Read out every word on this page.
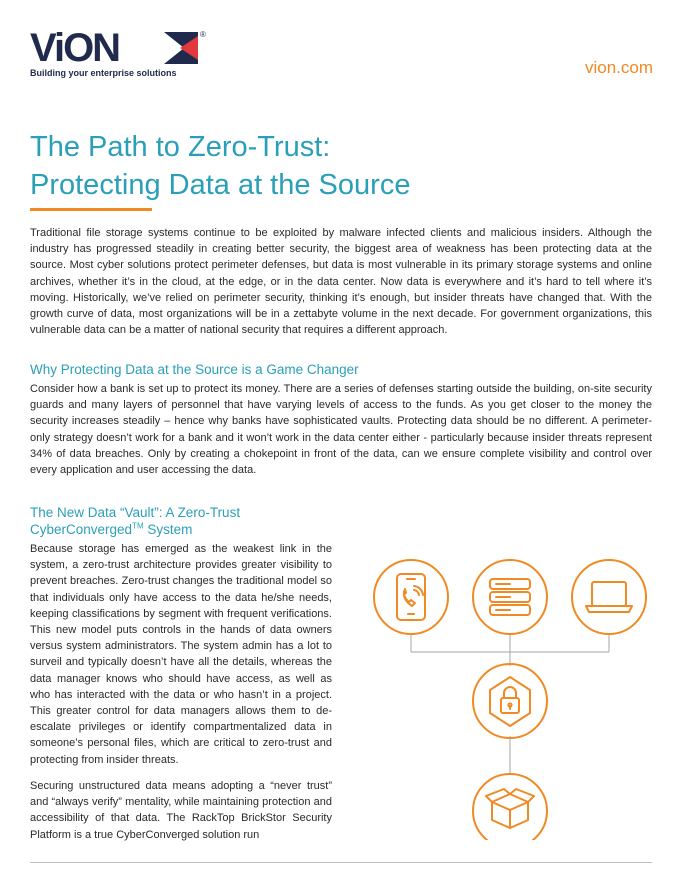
ViON	®
Building your enterprise solutions	vion.com
The Path to Zero-Trust:
Protecting Data at the Source

Traditional file storage systems continue to be exploited by malware infected clients and malicious insiders. Although the industry has progressed steadily in creating better security, the biggest area of weakness has been protecting data at the source. Most cyber solutions protect perimeter defenses, but data is most vulnerable in its primary storage systems and online archives, whether it’s in the cloud, at the edge, or in the data center. Now data is everywhere and it’s hard to tell where it’s moving. Historically, we’ve relied on perimeter security, thinking it’s enough, but insider threats have changed that. With the growth curve of data, most organizations will be in a zettabyte volume in the next decade. For government organizations, this vulnerable data can be a matter of national security that requires a different approach.

Why Protecting Data at the Source is a Game Changer

Consider how a bank is set up to protect its money. There are a series of defenses starting outside the building, on-site security guards and many layers of personnel that have varying levels of access to the funds. As you get closer to the money the security increases steadily – hence why banks have sophisticated vaults. Protecting data should be no different. A perimeter-only strategy doesn’t work for a bank and it won’t work in the data center either - particularly because insider threats represent 34% of data breaches. Only by creating a chokepoint in front of the data, can we ensure complete visibility and control over every application and user accessing the data.

The New Data “Vault”: A Zero-Trust
CyberConverged™ System

Because storage has emerged as the weakest link in the system, a zero-trust architecture provides greater visibility to prevent breaches. Zero-trust changes the traditional model so that individuals only have access to the data he/she needs, keeping classifications by segment with frequent verifications. This new model puts controls in the hands of data owners versus system administrators. The system admin has a lot to surveil and typically doesn’t have all the details, whereas the data manager knows who should have access, as well as who has interacted with the data or who hasn’t in a project. This greater control for data managers allows them to de-escalate privileges or identify compartmentalized data in someone’s personal files, which are critical to zero-trust and protecting from insider threats.

Securing unstructured data means adopting a “never trust” and “always verify” mentality, while maintaining protection and accessibility of that data. The RackTop BrickStor Security Platform is a true CyberConverged solution run
